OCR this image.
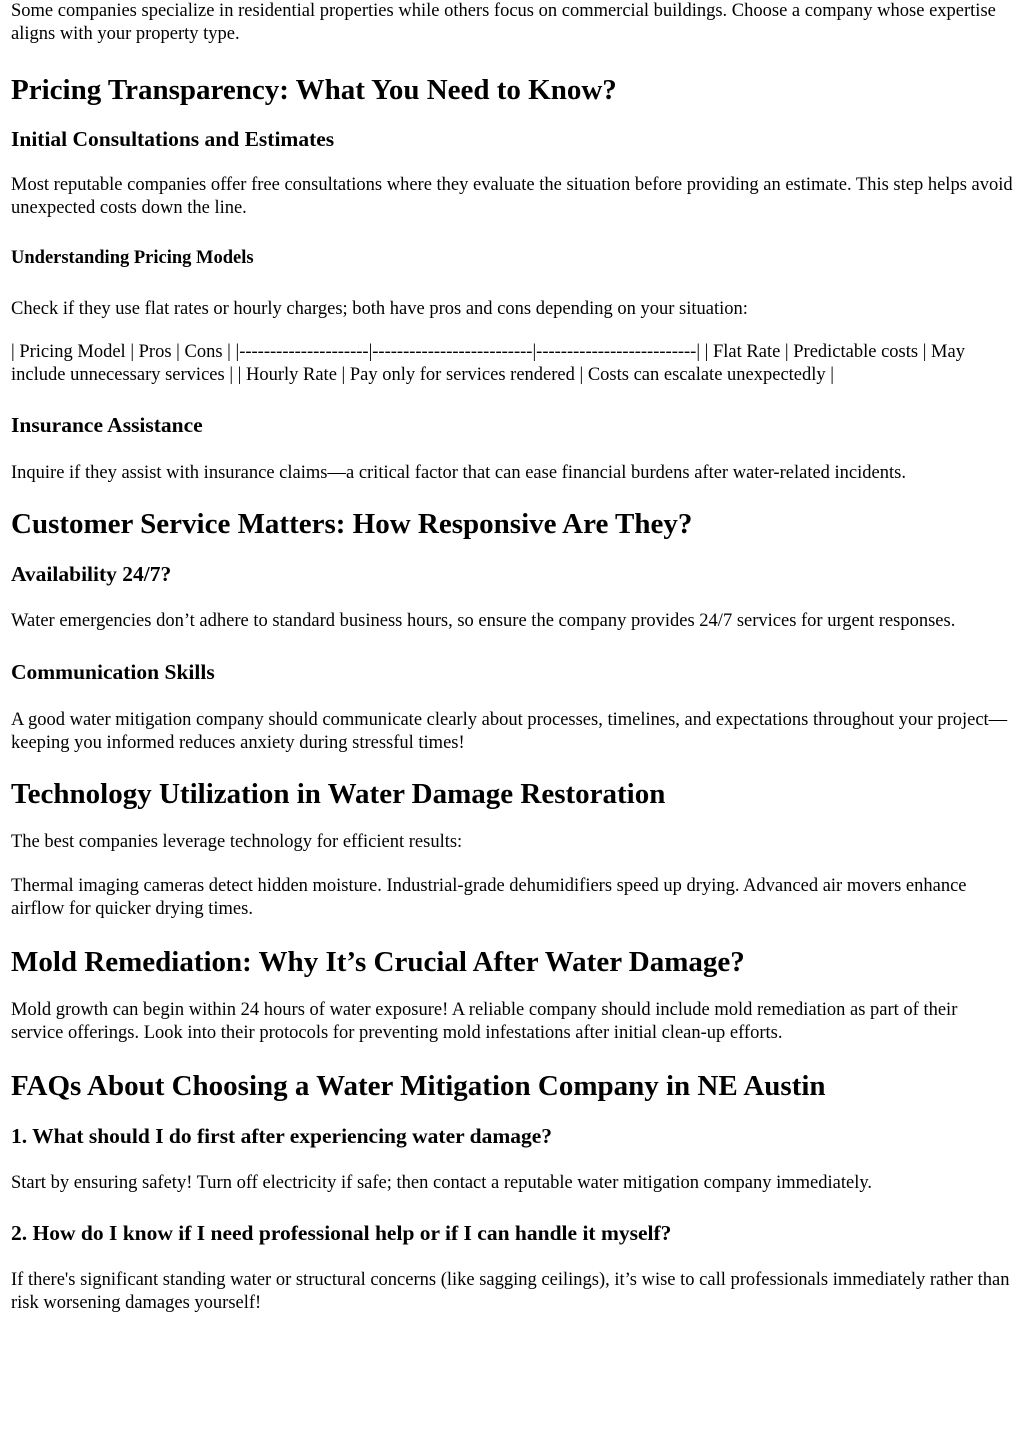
Some companies specialize in residential properties while others focus on commercial buildings. Choose a company whose expertise aligns with your property type.

Pricing Transparency: What You Need to Know?
Initial Consultations and Estimates

Most reputable companies offer free consultations where they evaluate the situation before providing an estimate. This step helps avoid unexpected costs down the line.

Understanding Pricing Models

Check if they use flat rates or hourly charges; both have pros and cons depending on your situation:

| Pricing Model | Pros | Cons | |---------------------|--------------------------|--------------------------| | Flat Rate | Predictable costs | May include unnecessary services | | Hourly Rate | Pay only for services rendered | Costs can escalate unexpectedly |

Insurance Assistance

Inquire if they assist with insurance claims—a critical factor that can ease financial burdens after water-related incidents.

Customer Service Matters: How Responsive Are They?
Availability 24/7?

Water emergencies don’t adhere to standard business hours, so ensure the company provides 24/7 services for urgent responses.

Communication Skills

A good water mitigation company should communicate clearly about processes, timelines, and expectations throughout your project—keeping you informed reduces anxiety during stressful times!

Technology Utilization in Water Damage Restoration

The best companies leverage technology for efficient results:

Thermal imaging cameras detect hidden moisture. Industrial-grade dehumidifiers speed up drying. Advanced air movers enhance airflow for quicker drying times.

Mold Remediation: Why It’s Crucial After Water Damage?

Mold growth can begin within 24 hours of water exposure! A reliable company should include mold remediation as part of their service offerings. Look into their protocols for preventing mold infestations after initial clean-up efforts.

FAQs About Choosing a Water Mitigation Company in NE Austin
1. What should I do first after experiencing water damage?

Start by ensuring safety! Turn off electricity if safe; then contact a reputable water mitigation company immediately.

2. How do I know if I need professional help or if I can handle it myself?

If there's significant standing water or structural concerns (like sagging ceilings), it’s wise to call professionals immediately rather than risk worsening damages yourself!
